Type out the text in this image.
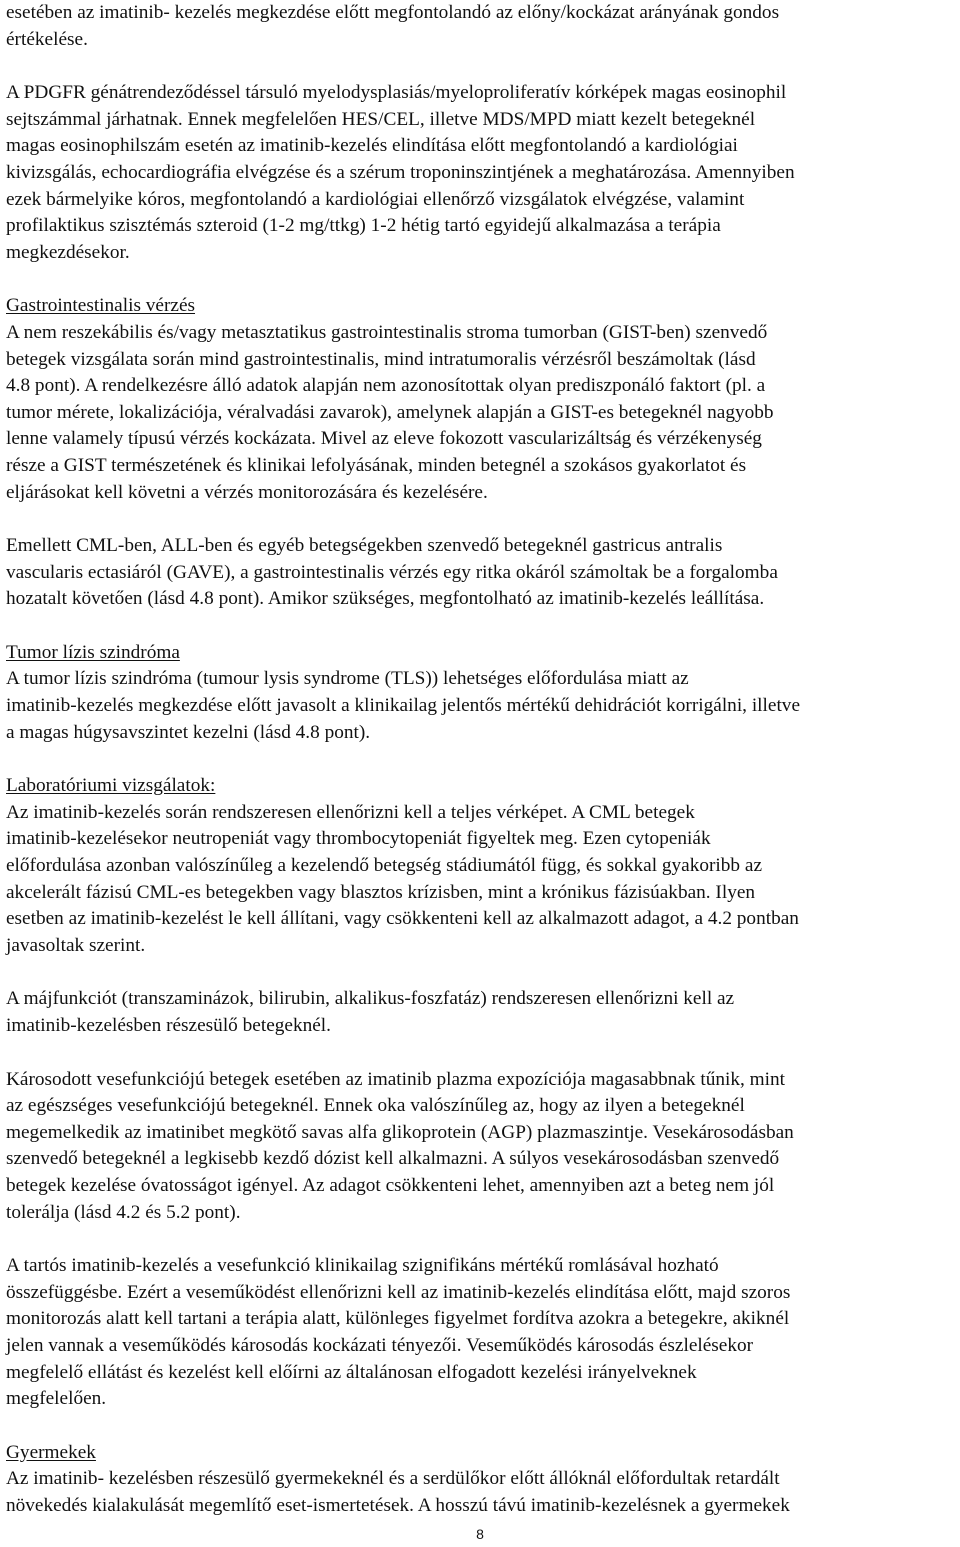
esetében az imatinib- kezelés megkezdése előtt megfontolandó az előny/kockázat arányának gondos
értékelése.
A PDGFR génátrendeződéssel társuló myelodysplasiás/myeloproliferatív kórképek magas eosinophil
sejtszámmal járhatnak. Ennek megfelelően HES/CEL, illetve MDS/MPD miatt kezelt betegeknél
magas eosinophilszám esetén az imatinib-kezelés elindítása előtt megfontolandó a kardiológiai
kivizsgálás, echocardiográfia elvégzése és a szérum troponinszintjének a meghatározása. Amennyiben
ezek bármelyike kóros, megfontolandó a kardiológiai ellenőrző vizsgálatok elvégzése, valamint
profilaktikus szisztémás szteroid (1-2 mg/ttkg) 1-2 hétig tartó egyidejű alkalmazása a terápia
megkezdésekor.
Gastrointestinalis vérzés
A nem reszekábilis és/vagy metasztatikus gastrointestinalis stroma tumorban (GIST-ben) szenvedő
betegek vizsgálata során mind gastrointestinalis, mind intratumoralis vérzésről beszámoltak (lásd
4.8 pont). A rendelkezésre álló adatok alapján nem azonosítottak olyan prediszponáló faktort (pl. a
tumor mérete, lokalizációja, véralvadási zavarok), amelynek alapján a GIST-es betegeknél nagyobb
lenne valamely típusú vérzés kockázata. Mivel az eleve fokozott vascularizáltság és vérzékenység
része a GIST természetének és klinikai lefolyásának, minden betegnél a szokásos gyakorlatot és
eljárásokat kell követni a vérzés monitorozására és kezelésére.
Emellett CML-ben, ALL-ben és egyéb betegségekben szenvedő betegeknél gastricus antralis
vascularis ectasiáról (GAVE), a gastrointestinalis vérzés egy ritka okáról számoltak be a forgalomba
hozatalt követően (lásd 4.8 pont). Amikor szükséges, megfontolható az imatinib-kezelés leállítása.
Tumor lízis szindróma
A tumor lízis szindróma (tumour lysis syndrome (TLS)) lehetséges előfordulása miatt az
imatinib-kezelés megkezdése előtt javasolt a klinikailag jelentős mértékű dehidrációt korrigálni, illetve
a magas húgysavszintet kezelni (lásd 4.8 pont).
Laboratóriumi vizsgálatok:
Az imatinib-kezelés során rendszeresen ellenőrizni kell a teljes vérképet. A CML betegek
imatinib-kezelésekor neutropeniát vagy thrombocytopeniát figyeltek meg. Ezen cytopeniák
előfordulása azonban valószínűleg a kezelendő betegség stádiumától függ, és sokkal gyakoribb az
akcelerált fázisú CML-es betegekben vagy blasztos krízisben, mint a krónikus fázisúakban. Ilyen
esetben az imatinib-kezelést le kell állítani, vagy csökkenteni kell az alkalmazott adagot, a 4.2 pontban
javasoltak szerint.
A májfunkciót (transzaminázok, bilirubin, alkalikus-foszfatáz) rendszeresen ellenőrizni kell az
imatinib-kezelésben részesülő betegeknél.
Károsodott vesefunkciójú betegek esetében az imatinib plazma expozíciója magasabbnak tűnik, mint
az egészséges vesefunkciójú betegeknél. Ennek oka valószínűleg az, hogy az ilyen a betegeknél
megemelkedik az imatinibet megkötő savas alfa glikoprotein (AGP) plazmaszintje. Vesekárosodásban
szenvedő betegeknél a legkisebb kezdő dózist kell alkalmazni. A súlyos vesekárosodásban szenvedő
betegek kezelése óvatosságot igényel. Az adagot csökkenteni lehet, amennyiben azt a beteg nem jól
tolerálja (lásd 4.2 és 5.2 pont).
A tartós imatinib-kezelés a vesefunkció klinikailag szignifikáns mértékű romlásával hozható
összefüggésbe. Ezért a veseműködést ellenőrizni kell az imatinib-kezelés elindítása előtt, majd szoros
monitorozás alatt kell tartani a terápia alatt, különleges figyelmet fordítva azokra a betegekre, akiknél
jelen vannak a veseműködés károsodás kockázati tényezői. Veseműködés károsodás észlelésekor
megfelelő ellátást és kezelést kell előírni az általánosan elfogadott kezelési irányelveknek
megfelelően.
Gyermekek
Az imatinib- kezelésben részesülő gyermekeknél és a serdülőkor előtt állóknál előfordultak retardált
növekedés kialakulását megemlítő eset-ismertetések. A hosszú távú imatinib-kezelésnek a gyermekek
8
